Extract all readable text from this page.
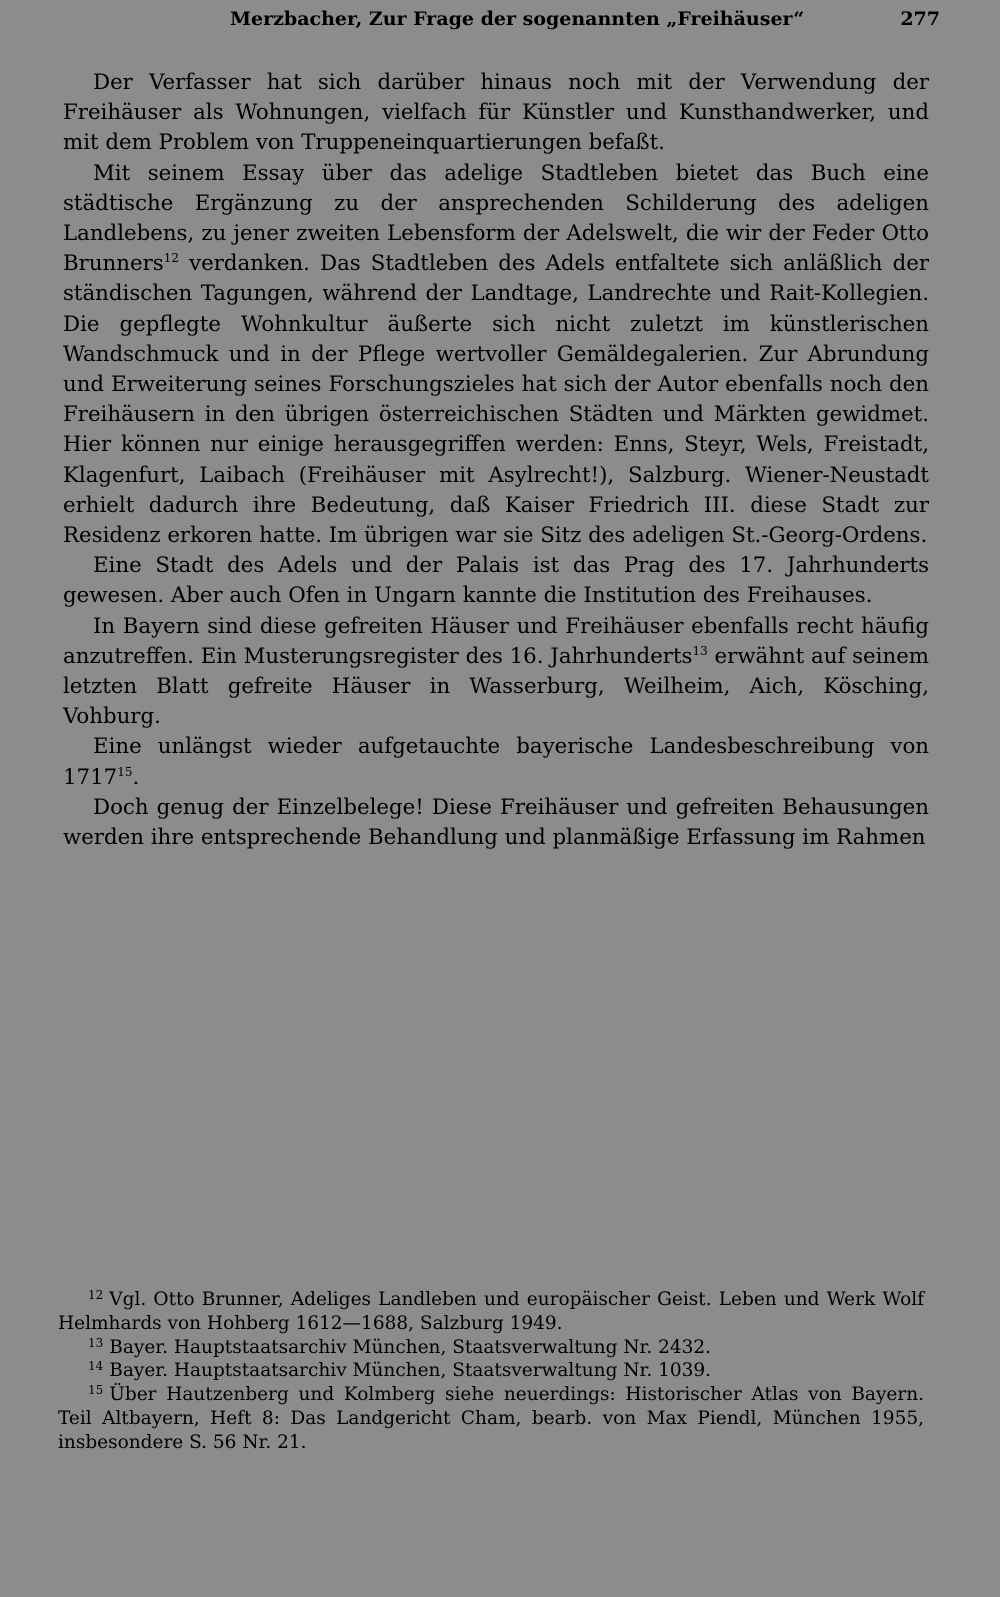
Merzbacher, Zur Frage der sogenannten „Freihäuser“	277

Der Verfasser hat sich darüber hinaus noch mit der Verwendung der Freihäuser als Wohnungen, vielfach für Künstler und Kunsthandwerker, und mit dem Problem von Truppeneinquartierungen befaßt.

Mit seinem Essay über das adelige Stadtleben bietet das Buch eine städtische Ergänzung zu der ansprechenden Schilderung des adeligen Landlebens, zu jener zweiten Lebensform der Adelswelt, die wir der Feder Otto Brunners$^{12}$ verdanken. Das Stadtleben des Adels entfaltete sich anläßlich der ständischen Tagungen, während der Landtage, Landrechte und Rait-Kollegien. Die gepflegte Wohnkultur äußerte sich nicht zuletzt im künstlerischen Wandschmuck und in der Pflege wertvoller Gemäldegalerien. Zur Abrundung und Erweiterung seines Forschungszieles hat sich der Autor ebenfalls noch den Freihäusern in den übrigen österreichischen Städten und Märkten gewidmet. Hier können nur einige herausgegriffen werden: Enns, Steyr, Wels, Freistadt, Klagenfurt, Laibach (Freihäuser mit Asylrecht!), Salzburg. Wiener-Neustadt erhielt dadurch ihre Bedeutung, daß Kaiser Friedrich III. diese Stadt zur Residenz erkoren hatte. Im übrigen war sie Sitz des adeligen St.-Georg-Ordens.

Eine Stadt des Adels und der Palais ist das Prag des 17. Jahrhunderts gewesen. Aber auch Ofen in Ungarn kannte die Institution des Freihauses.

In Bayern sind diese gefreiten Häuser und Freihäuser ebenfalls recht häufig anzutreffen. Ein Musterungsregister des 16. Jahrhunderts$^{13}$ erwähnt auf seinem letzten Blatt gefreite Häuser in Wasserburg, Weilheim, Aich, Kösching, Vohburg.

Eine unlängst wieder aufgetauchte bayerische Landesbeschreibung von 1717$^{15}$.

Doch genug der Einzelbelege! Diese Freihäuser und gefreiten Behausungen werden ihre entsprechende Behandlung und planmäßige Erfassung im Rahmen

$^{12}$ Vgl. Otto Brunner, Adeliges Landleben und europäischer Geist. Leben und Werk Wolf Helmhards von Hohberg 1612—1688, Salzburg 1949.

$^{13}$ Bayer. Hauptstaatsarchiv München, Staatsverwaltung Nr. 2432.

$^{14}$ Bayer. Hauptstaatsarchiv München, Staatsverwaltung Nr. 1039.

$^{15}$ Über Hautzenberg und Kolmberg siehe neuerdings: Historischer Atlas von Bayern. Teil Altbayern, Heft 8: Das Landgericht Cham, bearb. von Max Piendl, München 1955, insbesondere S. 56 Nr. 21.
